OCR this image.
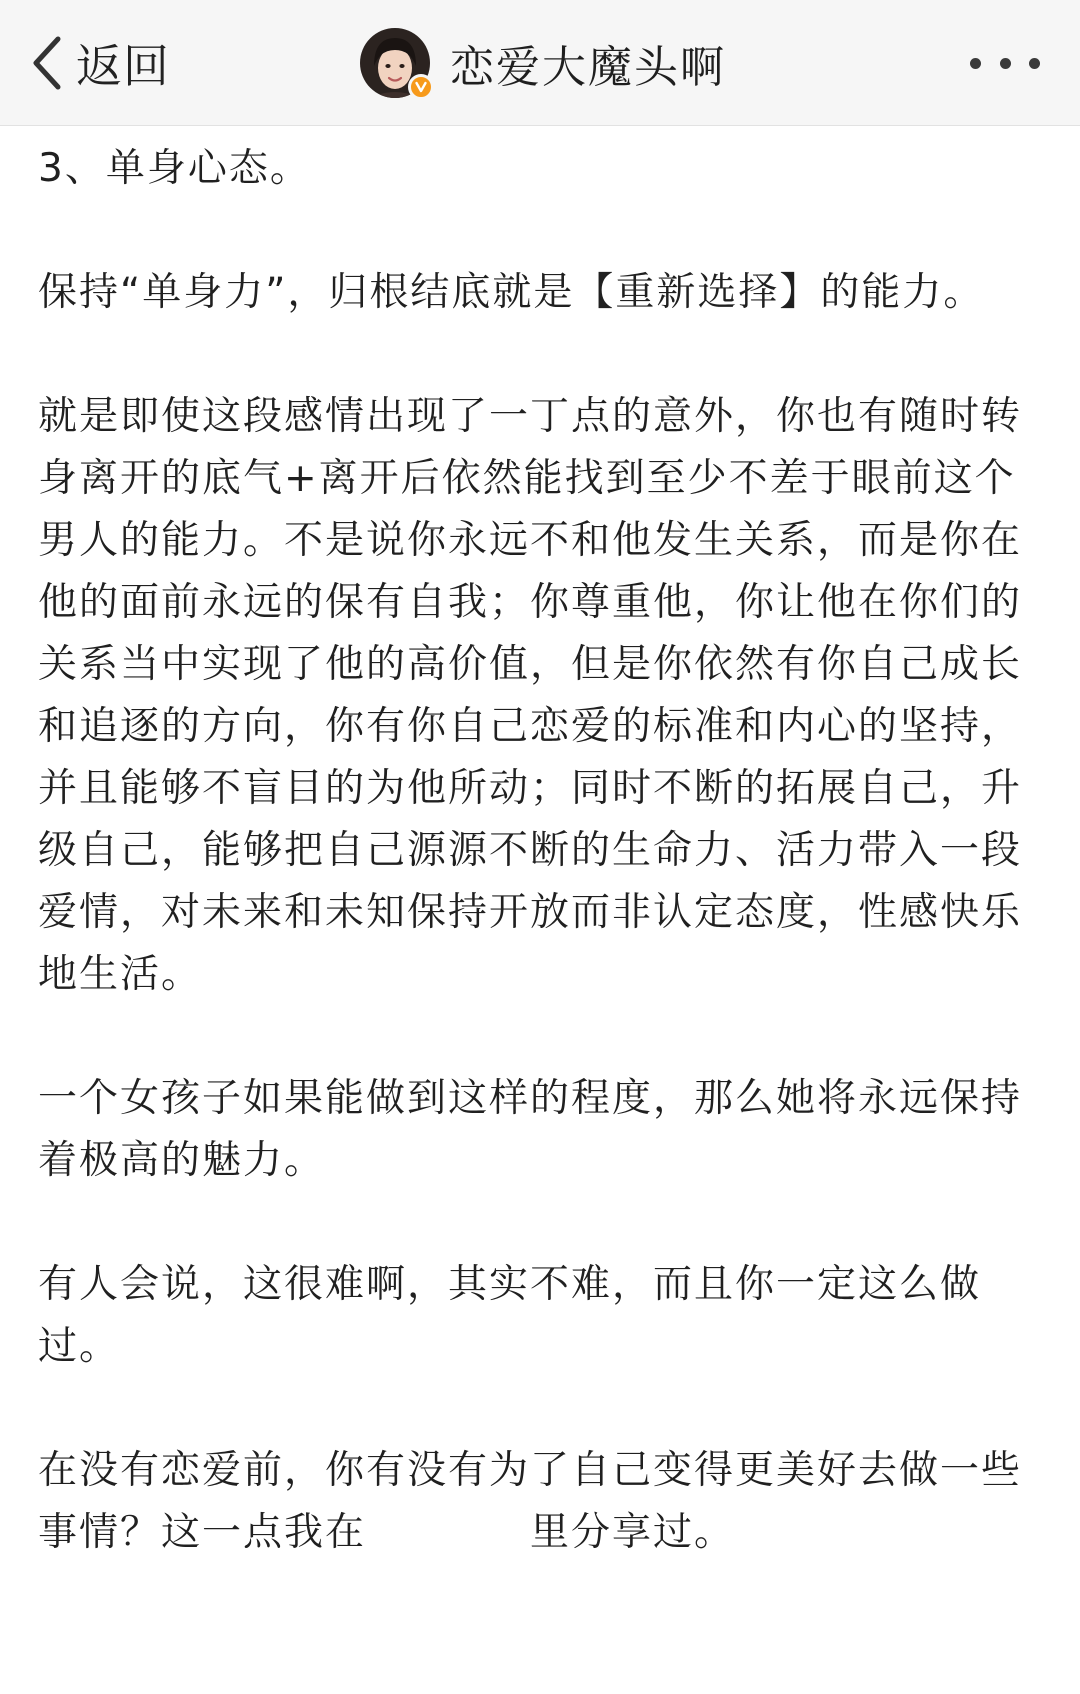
返回	恋爱大魔头啊

3、单身心态。

保持“单身力”，归根结底就是【重新选择】的能力。

就是即使这段感情出现了一丁点的意外，你也有随时转身离开的底气+离开后依然能找到至少不差于眼前这个男人的能力。不是说你永远不和他发生关系，而是你在他的面前永远的保有自我；你尊重他，你让他在你们的关系当中实现了他的高价值，但是你依然有你自己成长和追逐的方向，你有你自己恋爱的标准和内心的坚持，并且能够不盲目的为他所动；同时不断的拓展自己，升级自己，能够把自己源源不断的生命力、活力带入一段爱情，对未来和未知保持开放而非认定态度，性感快乐地生活。

一个女孩子如果能做到这样的程度，那么她将永远保持着极高的魅力。

有人会说，这很难啊，其实不难，而且你一定这么做过。

在没有恋爱前，你有没有为了自己变得更美好去做一些事情？这一点我在　　　　里分享过。
